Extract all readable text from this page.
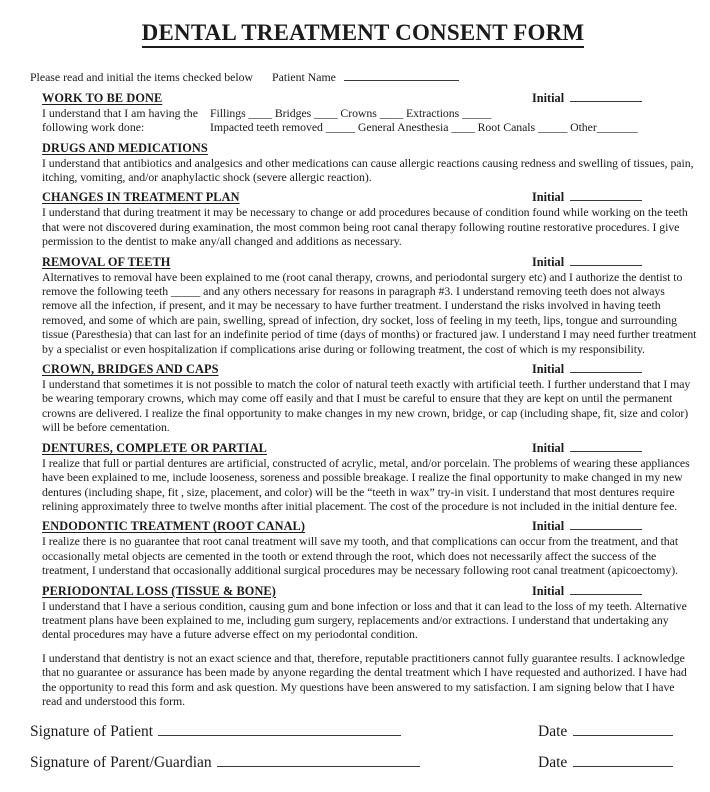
DENTAL TREATMENT CONSENT FORM
Please read and initial the items checked below Patient Name
WORK TO BE DONE	Initial
I understand that I am having the
following work done:
Fillings ____ Bridges ____ Crowns ____ Extractions _____
Impacted teeth removed _____ General Anesthesia ____ Root Canals _____ Other_______
DRUGS AND MEDICATIONS

I understand that antibiotics and analgesics and other medications can cause allergic reactions causing redness and swelling of tissues, pain, itching, vomiting, and/or anaphylactic shock (severe allergic reaction).

CHANGES IN TREATMENT PLAN	Initial

I understand that during treatment it may be necessary to change or add procedures because of condition found while working on the teeth that were not discovered during examination, the most common being root canal therapy following routine restorative procedures. I give permission to the dentist to make any/all changed and additions as necessary.

REMOVAL OF TEETH	Initial

Alternatives to removal have been explained to me (root canal therapy, crowns, and periodontal surgery etc) and I authorize the dentist to remove the following teeth _____ and any others necessary for reasons in paragraph #3. I understand removing teeth does not always remove all the infection, if present, and it may be necessary to have further treatment. I understand the risks involved in having teeth removed, and some of which are pain, swelling, spread of infection, dry socket, loss of feeling in my teeth, lips, tongue and surrounding tissue (Paresthesia) that can last for an indefinite period of time (days of months) or fractured jaw. I understand I may need further treatment by a specialist or even hospitalization if complications arise during or following treatment, the cost of which is my responsibility.

CROWN, BRIDGES AND CAPS	Initial

I understand that sometimes it is not possible to match the color of natural teeth exactly with artificial teeth. I further understand that I may be wearing temporary crowns, which may come off easily and that I must be careful to ensure that they are kept on until the permanent crowns are delivered. I realize the final opportunity to make changes in my new crown, bridge, or cap (including shape, fit, size and color) will be before cementation.

DENTURES, COMPLETE OR PARTIAL	Initial

I realize that full or partial dentures are artificial, constructed of acrylic, metal, and/or porcelain. The problems of wearing these appliances have been explained to me, include looseness, soreness and possible breakage. I realize the final opportunity to make changed in my new dentures (including shape, fit , size, placement, and color) will be the “teeth in wax” try-in visit. I understand that most dentures require relining approximately three to twelve months after initial placement. The cost of the procedure is not included in the initial denture fee.

ENDODONTIC TREATMENT (ROOT CANAL)	Initial

I realize there is no guarantee that root canal treatment will save my tooth, and that complications can occur from the treatment, and that occasionally metal objects are cemented in the tooth or extend through the root, which does not necessarily affect the success of the treatment, I understand that occasionally additional surgical procedures may be necessary following root canal treatment (apicoectomy).

PERIODONTAL LOSS (TISSUE & BONE)	Initial

I understand that I have a serious condition, causing gum and bone infection or loss and that it can lead to the loss of my teeth. Alternative treatment plans have been explained to me, including gum surgery, replacements and/or extractions. I understand that undertaking any dental procedures may have a future adverse effect on my periodontal condition.

I understand that dentistry is not an exact science and that, therefore, reputable practitioners cannot fully guarantee results. I acknowledge that no guarantee or assurance has been made by anyone regarding the dental treatment which I have requested and authorized. I have had the opportunity to read this form and ask question. My questions have been answered to my satisfaction. I am signing below that I have read and understood this form.

Signature of Patient	Date
Signature of Parent/Guardian	Date
